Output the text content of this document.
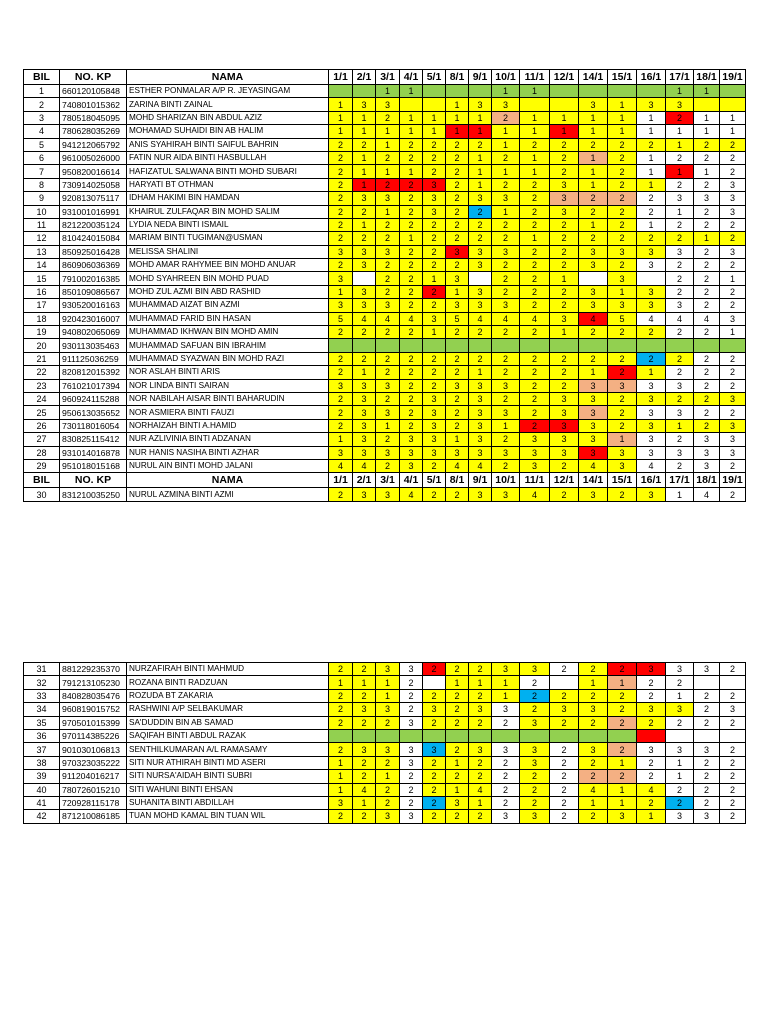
BIL	NO. KP	NAMA	1/1	2/1	3/1	4/1	5/1	8/1	9/1	10/1	11/1	12/1	14/1	15/1	16/1	17/1	18/1	19/1
1	660120105848	ESTHER PONMALAR A/P R. JEYASINGAM			1	1				1	1					1	1	
2	740801015362	ZARINA BINTI ZAINAL	1	3	3			1	3	3			3	1	3	3		
3	780518045095	MOHD SHARIZAN BIN ABDUL AZIZ	1	1	2	1	1	1	1	2	1	1	1	1	1	2	1	1
4	780628035269	MOHAMAD SUHAIDI BIN AB HALIM	1	1	1	1	1	1	1	1	1	1	1	1	1	1	1	1
5	941212065792	ANIS SYAHIRAH BINTI SAIFUL BAHRIN	2	2	1	2	2	2	2	1	2	2	2	2	2	1	2	2
6	961005026000	FATIN NUR AIDA BINTI HASBULLAH	2	1	2	2	2	2	1	2	1	2	1	2	1	2	2	2
7	950820016614	HAFIZATUL SALWANA BINTI MOHD SUBARI	2	1	1	1	2	2	1	1	1	2	1	2	1	1	1	2
8	730914025058	HARYATI BT OTHMAN	2	1	2	2	3	2	1	2	2	3	1	2	1	2	2	3
9	920813075117	IDHAM HAKIMI BIN HAMDAN	2	3	3	2	3	2	3	3	2	3	2	2	2	3	3	3
10	931001016991	KHAIRUL ZULFAQAR BIN MOHD SALIM	2	2	1	2	3	2	2	1	2	3	2	2	2	1	2	3
11	821220035124	LYDIA NEDA BINTI ISMAIL	2	1	2	2	2	2	2	2	2	2	1	2	1	2	2	2
12	810424015084	MARIAM BINTI TUGIMAN@USMAN	2	2	2	1	2	2	2	2	1	2	2	2	2	2	1	2
13	850925016428	MELISSA SHALINI	3	3	3	2	2	3	3	3	2	2	3	3	3	3	2	3
14	860906036369	MOHD AMAR RAHYMEE BIN MOHD ANUAR	2	3	2	2	2	2	3	2	2	2	3	2	3	2	2	2
15	791002016385	MOHD SYAHREEN BIN MOHD PUAD	3		2	2	1	3		2	2	1		3		2	2	1
16	850109086567	MOHD ZUL AZMI BIN ABD RASHID	1	3	2	2	2	1	3	2	2	2	3	1	3	2	2	2
17	930520016163	MUHAMMAD AIZAT BIN AZMI	3	3	3	2	2	3	3	3	2	2	3	3	3	3	2	2
18	920423016007	MUHAMMAD FARID BIN HASAN	5	4	4	4	3	5	4	4	4	3	4	5	4	4	4	3
19	940802065069	MUHAMMAD IKHWAN BIN MOHD AMIN	2	2	2	2	1	2	2	2	2	1	2	2	2	2	2	1
20	930113035463	MUHAMMAD SAFUAN BIN IBRAHIM																
21	911125036259	MUHAMMAD SYAZWAN BIN MOHD RAZI	2	2	2	2	2	2	2	2	2	2	2	2	2	2	2	2
22	820812015392	NOR ASLAH BINTI ARIS	2	1	2	2	2	2	1	2	2	2	1	2	1	2	2	2
23	761021017394	NOR LINDA BINTI SAIRAN	3	3	3	2	2	3	3	3	2	2	3	3	3	3	2	2
24	960924115288	NOR NABILAH AISAR BINTI BAHARUDIN	2	3	2	2	3	2	3	2	2	3	3	2	3	2	2	3
25	950613035652	NOR ASMIERA BINTI FAUZI	2	3	3	2	3	2	3	3	2	3	3	2	3	3	2	2
26	730118016054	NORHAIZAH BINTI A.HAMID	2	3	1	2	3	2	3	1	2	3	3	2	3	1	2	3
27	830825115412	NUR AZLIVINIA BINTI ADZANAN	1	3	2	3	3	1	3	2	3	3	3	1	3	2	3	3
28	931014016878	NUR HANIS NASIHA BINTI AZHAR	3	3	3	3	3	3	3	3	3	3	3	3	3	3	3	3
29	951018015168	NURUL AIN BINTI MOHD JALANI	4	4	2	3	2	4	4	2	3	2	4	3	4	2	3	2
BIL	NO. KP	NAMA	1/1	2/1	3/1	4/1	5/1	8/1	9/1	10/1	11/1	12/1	14/1	15/1	16/1	17/1	18/1	19/1
30	831210035250	NURUL AZMINA BINTI AZMI	2	3	3	4	2	2	3	3	4	2	3	2	3	1	4	2
31	881229235370	NURZAFIRAH BINTI MAHMUD	2	2	3	3	2	2	2	3	3	2	2	2	3	3	3	2
32	791213105230	ROZANA BINTI RADZUAN	1	1	1	2		1	1	1	2		1	1	2	2		
33	840828035476	ROZUDA BT ZAKARIA	2	2	1	2	2	2	2	1	2	2	2	2	2	1	2	2
34	960819015752	RASHWINI A/P SELBAKUMAR	2	3	3	2	3	2	3	3	2	3	3	2	3	3	2	3
35	970501015399	SA'DUDDIN BIN AB SAMAD	2	2	2	3	2	2	2	2	3	2	2	2	2	2	2	2
36	970114385226	SAQIFAH BINTI ABDUL RAZAK																
37	901030106813	SENTHILKUMARAN A/L RAMASAMY	2	3	3	3	3	2	3	3	3	2	3	2	3	3	3	2
38	970323035222	SITI NUR ATHIRAH BINTI MD ASERI	1	2	2	3	2	1	2	2	3	2	2	1	2	1	2	2
39	911204016217	SITI NURSA'AIDAH BINTI SUBRI	1	2	1	2	2	2	2	2	2	2	2	2	2	1	2	2
40	780726015210	SITI WAHUNI BINTI EHSAN	1	4	2	2	2	1	4	2	2	2	4	1	4	2	2	2
41	720928115178	SUHANITA BINTI ABDILLAH	3	1	2	2	2	3	1	2	2	2	1	1	2	2	2	2
42	871210086185	TUAN MOHD KAMAL BIN TUAN WIL	2	2	3	3	2	2	2	3	3	2	2	3	1	3	3	2
